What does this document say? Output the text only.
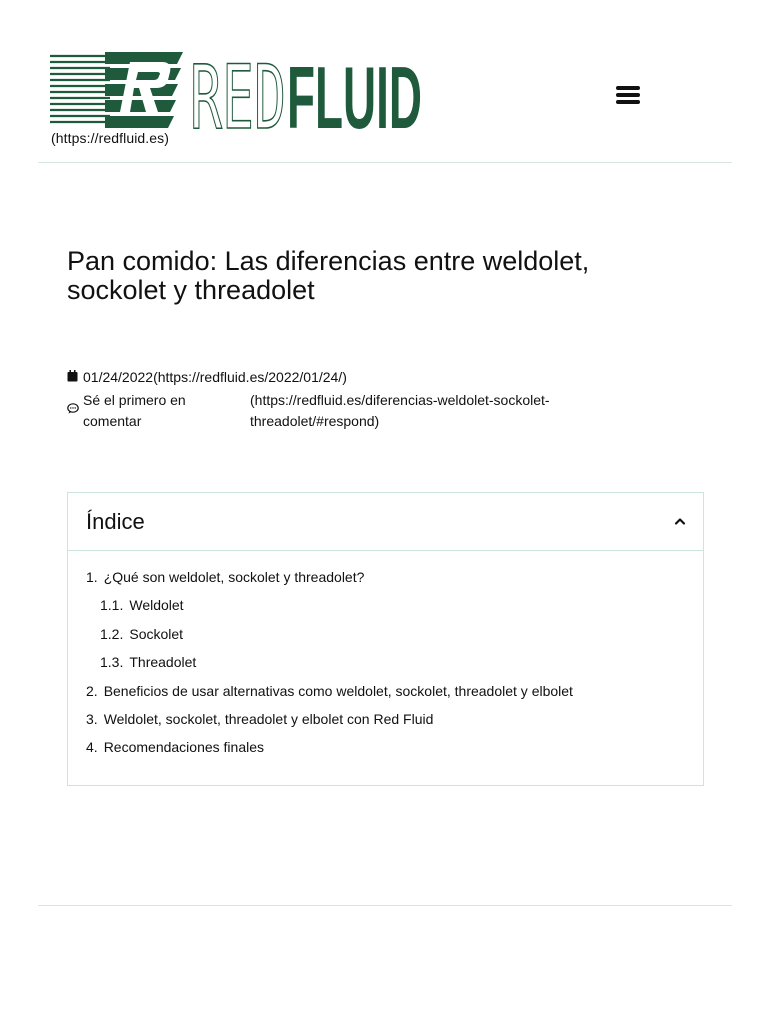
RED FLUID
(https://redfluid.es)
Pan comido: Las diferencias entre weldolet, sockolet y threadolet
01/24/2022(https://redfluid.es/2022/01/24/)
Sé el primero en comentar
(https://redfluid.es/diferencias-weldolet-sockolet-threadolet/#respond)
Índice
1. ¿Qué son weldolet, sockolet y threadolet?
1.1. Weldolet
1.2. Sockolet
1.3. Threadolet
2. Beneficios de usar alternativas como weldolet, sockolet, threadolet y elbolet
3. Weldolet, sockolet, threadolet y elbolet con Red Fluid
4. Recomendaciones finales
